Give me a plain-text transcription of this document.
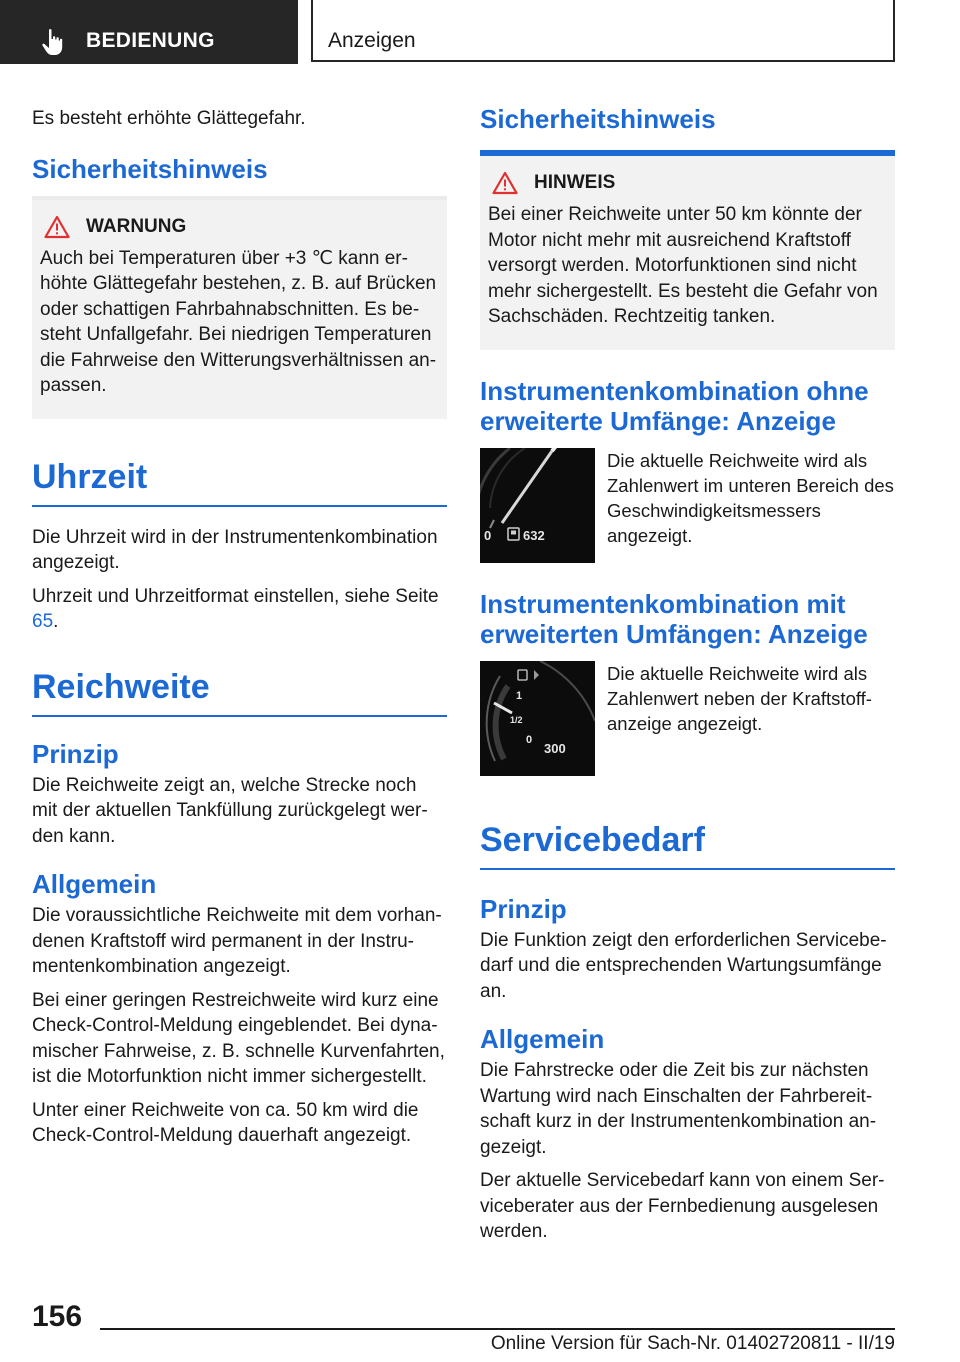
BEDIENUNG	Anzeigen

Es besteht erhöhte Glättegefahr.

Sicherheitshinweis
WARNUNG

Auch bei Temperaturen über +3 ℃ kann er‐ höhte Glättegefahr bestehen, z. B. auf Brücken oder schattigen Fahrbahnabschnitten. Es be‐ steht Unfallgefahr. Bei niedrigen Temperaturen die Fahrweise den Witterungsverhältnissen an‐ passen.

Uhrzeit

Die Uhrzeit wird in der Instrumentenkombination angezeigt.

Uhrzeit und Uhrzeitformat einstellen, siehe Seite 65.

Reichweite
Prinzip

Die Reichweite zeigt an, welche Strecke noch mit der aktuellen Tankfüllung zurückgelegt wer‐ den kann.

Allgemein

Die voraussichtliche Reichweite mit dem vorhan‐ denen Kraftstoff wird permanent in der Instru‐ mentenkombination angezeigt.

Bei einer geringen Restreichweite wird kurz eine Check-Control-Meldung eingeblendet. Bei dyna‐ mischer Fahrweise, z. B. schnelle Kurvenfahrten, ist die Motorfunktion nicht immer sichergestellt.

Unter einer Reichweite von ca. 50 km wird die Check-Control-Meldung dauerhaft angezeigt.

Sicherheitshinweis
HINWEIS

Bei einer Reichweite unter 50 km könnte der Motor nicht mehr mit ausreichend Kraftstoff versorgt werden. Motorfunktionen sind nicht mehr sichergestellt. Es besteht die Gefahr von Sachschäden. Rechtzeitig tanken.

Instrumentenkombination ohne erweiterte Umfänge: Anzeige
0 632

Die aktuelle Reichweite wird als Zahlenwert im unteren Bereich des Geschwindigkeitsmessers angezeigt.

Instrumentenkombination mit erweiterten Umfängen: Anzeige
1
1/2
0
300

Die aktuelle Reichweite wird als Zahlenwert neben der Kraftstoff‐ anzeige angezeigt.

Servicebedarf
Prinzip

Die Funktion zeigt den erforderlichen Servicebe‐ darf und die entsprechenden Wartungsumfänge an.

Allgemein

Die Fahrstrecke oder die Zeit bis zur nächsten Wartung wird nach Einschalten der Fahrbereit‐ schaft kurz in der Instrumentenkombination an‐ gezeigt.

Der aktuelle Servicebedarf kann von einem Ser‐ viceberater aus der Fernbedienung ausgelesen werden.

156
Online Version für Sach-Nr. 01402720811 - II/19
